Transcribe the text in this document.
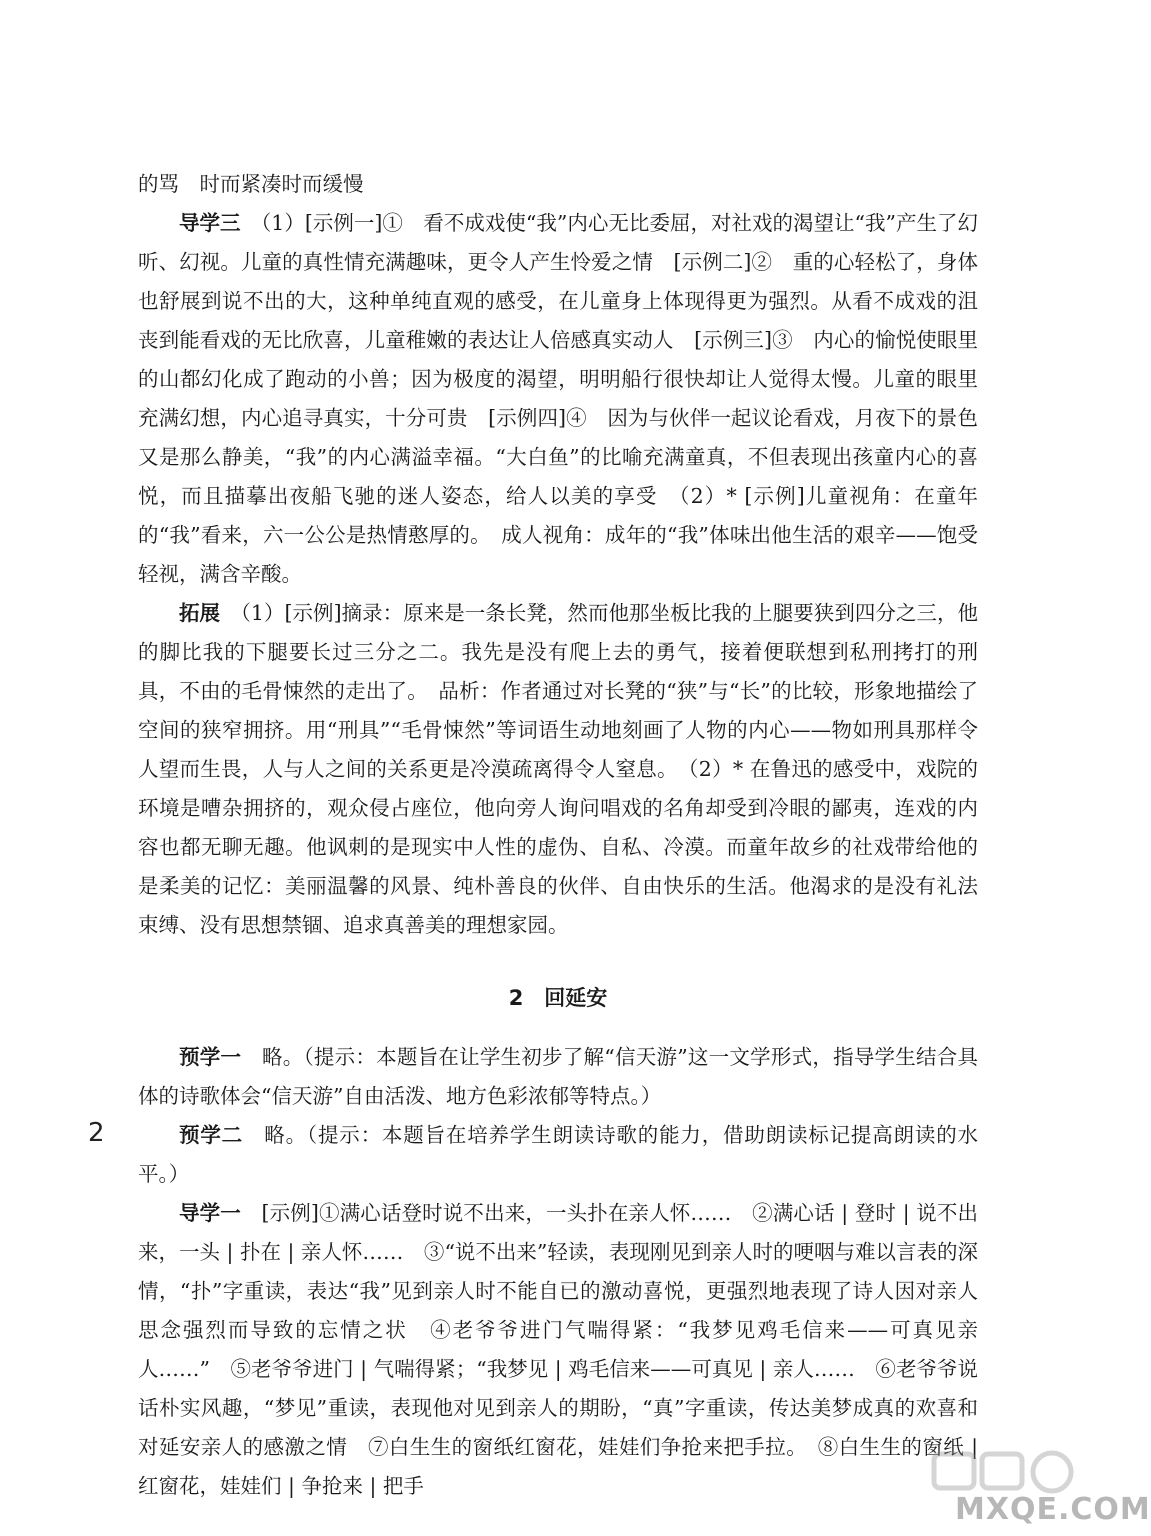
的骂　时而紧凑时而缓慢

导学三　 （1）[示例一]①　看不成戏使“我”内心无比委屈，对社戏的渴望让“我”产生了幻听、幻视。儿童的真性情充满趣味，更令人产生怜爱之情　[示例二]②　重的心轻松了，身体也舒展到说不出的大，这种单纯直观的感受，在儿童身上体现得更为强烈。从看不成戏的沮丧到能看戏的无比欣喜，儿童稚嫩的表达让人倍感真实动人　[示例三]③　内心的愉悦使眼里的山都幻化成了跑动的小兽；因为极度的渴望，明明船行很快却让人觉得太慢。儿童的眼里充满幻想，内心追寻真实，十分可贵　[示例四]④　因为与伙伴一起议论看戏，月夜下的景色又是那么静美，“我”的内心满溢幸福。“大白鱼”的比喻充满童真，不但表现出孩童内心的喜悦，而且描摹出夜船飞驰的迷人姿态，给人以美的享受　（2）* [示例]儿童视角：在童年的“我”看来，六一公公是热情憨厚的。　成人视角：成年的“我”体味出他生活的艰辛——饱受轻视，满含辛酸。

拓展　 （1）[示例]摘录：原来是一条长凳，然而他那坐板比我的上腿要狭到四分之三，他的脚比我的下腿要长过三分之二。我先是没有爬上去的勇气，接着便联想到私刑拷打的刑具，不由的毛骨悚然的走出了。　品析：作者通过对长凳的“狭”与“长”的比较，形象地描绘了空间的狭窄拥挤。用“刑具”“毛骨悚然”等词语生动地刻画了人物的内心——物如刑具那样令人望而生畏，人与人之间的关系更是冷漠疏离得令人窒息。　（2）* 在鲁迅的感受中，戏院的环境是嘈杂拥挤的，观众侵占座位，他向旁人询问唱戏的名角却受到冷眼的鄙夷，连戏的内容也都无聊无趣。他讽刺的是现实中人性的虚伪、自私、冷漠。而童年故乡的社戏带给他的是柔美的记忆：美丽温馨的风景、纯朴善良的伙伴、自由快乐的生活。他渴求的是没有礼法束缚、没有思想禁锢、追求真善美的理想家园。

2　回延安

预学一　 略。（提示：本题旨在让学生初步了解“信天游”这一文学形式，指导学生结合具体的诗歌体会“信天游”自由活泼、地方色彩浓郁等特点。）

预学二　 略。（提示：本题旨在培养学生朗读诗歌的能力，借助朗读标记提高朗读的水平。）

导学一　 [示例]①满心话登时说不出来，一头扑在亲人怀……　②满心话 | 登时 | 说不出来，一头 | 扑在 | 亲人怀……　③“说不出来”轻读，表现刚见到亲人时的哽咽与难以言表的深情，“扑”字重读，表达“我”见到亲人时不能自已的激动喜悦，更强烈地表现了诗人因对亲人思念强烈而导致的忘情之状　④老爷爷进门气喘得紧：“我梦见鸡毛信来——可真见亲人……”　⑤老爷爷进门 | 气喘得紧；“我梦见 | 鸡毛信来——可真见 | 亲人……　⑥老爷爷说话朴实风趣，“梦见”重读，表现他对见到亲人的期盼，“真”字重读，传达美梦成真的欢喜和对延安亲人的感激之情　⑦白生生的窗纸红窗花，娃娃们争抢来把手拉。　⑧白生生的窗纸 | 红窗花，娃娃们 | 争抢来 | 把手

2
MXQE.COM
